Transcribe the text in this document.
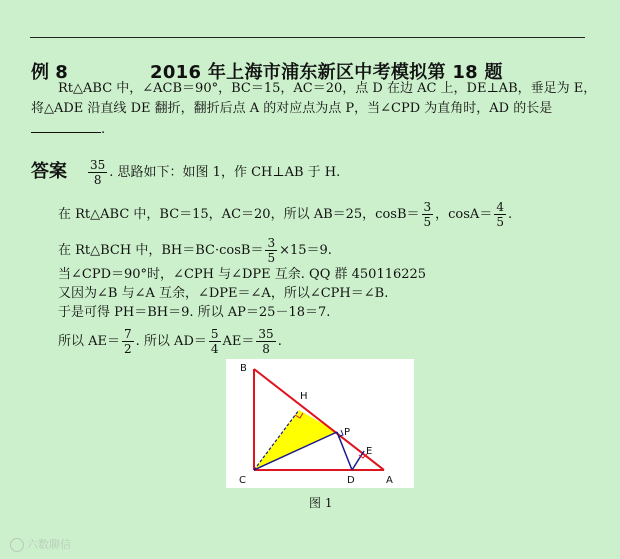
例 8	2016 年上海市浦东新区中考模拟第 18 题
Rt△ABC 中，∠ACB＝90°，BC＝15，AC＝20，点 D 在边 AC 上，DE⊥AB，垂足为 E，
将△ADE 沿直线 DE 翻折，翻折后点 A 的对应点为点 P，当∠CPD 为直角时，AD 的长是
.
答案 $\frac{35}{8}$ . 思路如下：如图 1，作 CH⊥AB 于 H.
在 Rt△ABC 中，BC＝15，AC＝20，所以 AB＝25，$\cos B= \frac{3}{5}$ ，$\cos A= \frac{4}{5}$ .
在 Rt△BCH 中，$BH=BC\cdot\cos B= \frac{3}{5} \times 15=9$.
当∠CPD＝90°时，∠CPH 与∠DPE 互余. QQ 群 450116225
又因为∠B 与∠A 互余，∠DPE＝∠A，所以∠CPH＝∠B.
于是可得 PH＝BH＝9. 所以 AP＝25－18＝7.
所以 $AE= \frac{7}{2}$ . 所以 $AD= \frac{5}{4} AE= \frac{35}{8}$ .
B
H
P
E
C	D	A
图 1
六数聊信
